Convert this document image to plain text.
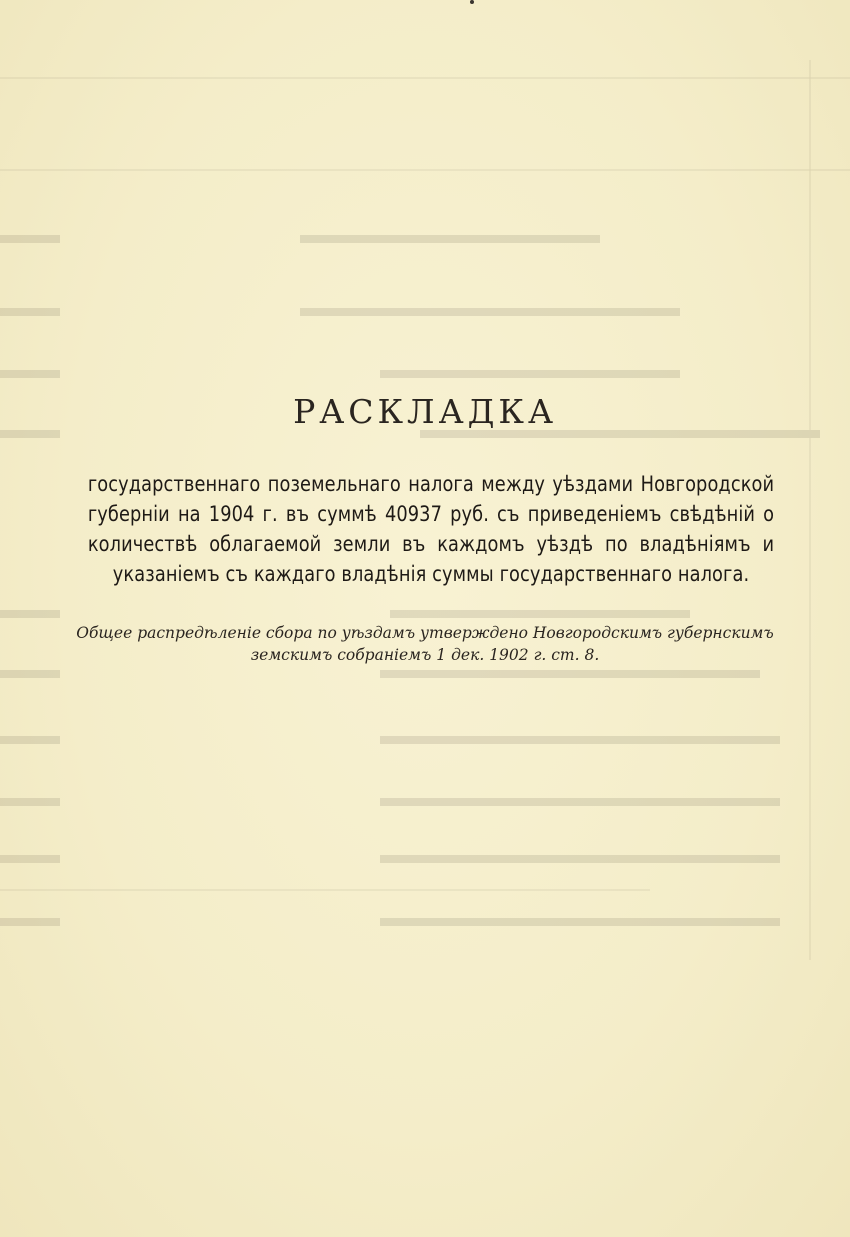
РАСКЛАДКА
государственнаго поземельнаго налога между уѣздами Новгородской губерніи на 1904 г. въ суммѣ 40937 руб. съ приведеніемъ свѣдѣній о количествѣ облагаемой земли въ каждомъ уѣздѣ по владѣніямъ и указаніемъ съ каждаго владѣнія суммы государственнаго налога.
Общее распредѣленіе сбора по уѣздамъ утверждено Новгородскимъ губернскимъ земскимъ собраніемъ 1 дек. 1902 г. ст. 8.
